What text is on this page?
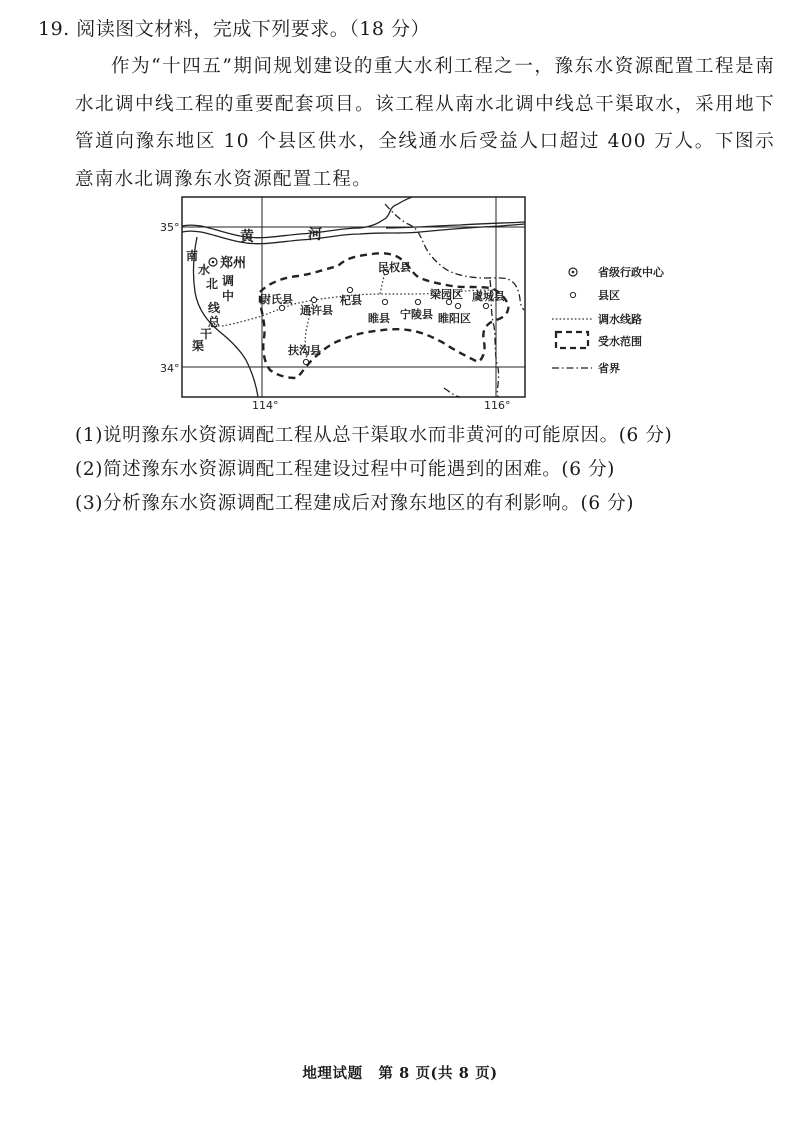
19. 阅读图文材料，完成下列要求。（18 分）
作为“十四五”期间规划建设的重大水利工程之一，豫东水资源配置工程是南水北调中线工程的重要配套项目。该工程从南水北调中线总干渠取水，采用地下管道向豫东地区 10 个县区供水，全线通水后受益人口超过 400 万人。下图示意南水北调豫东水资源配置工程。
35°
34°
114°	116°
黄	河
南
水
北 调
中
线
总
干
渠
郑州
尉氏县
通许县
杞县
民权县
睢县 宁陵县
梁园区
睢阳区
虞城县
扶沟县
省级行政中心
县区
调水线路
受水范围
省界
(1)说明豫东水资源调配工程从总干渠取水而非黄河的可能原因。(6 分)
(2)简述豫东水资源调配工程建设过程中可能遇到的困难。(6 分)
(3)分析豫东水资源调配工程建成后对豫东地区的有利影响。(6 分)
地理试题 第 8 页(共 8 页)
